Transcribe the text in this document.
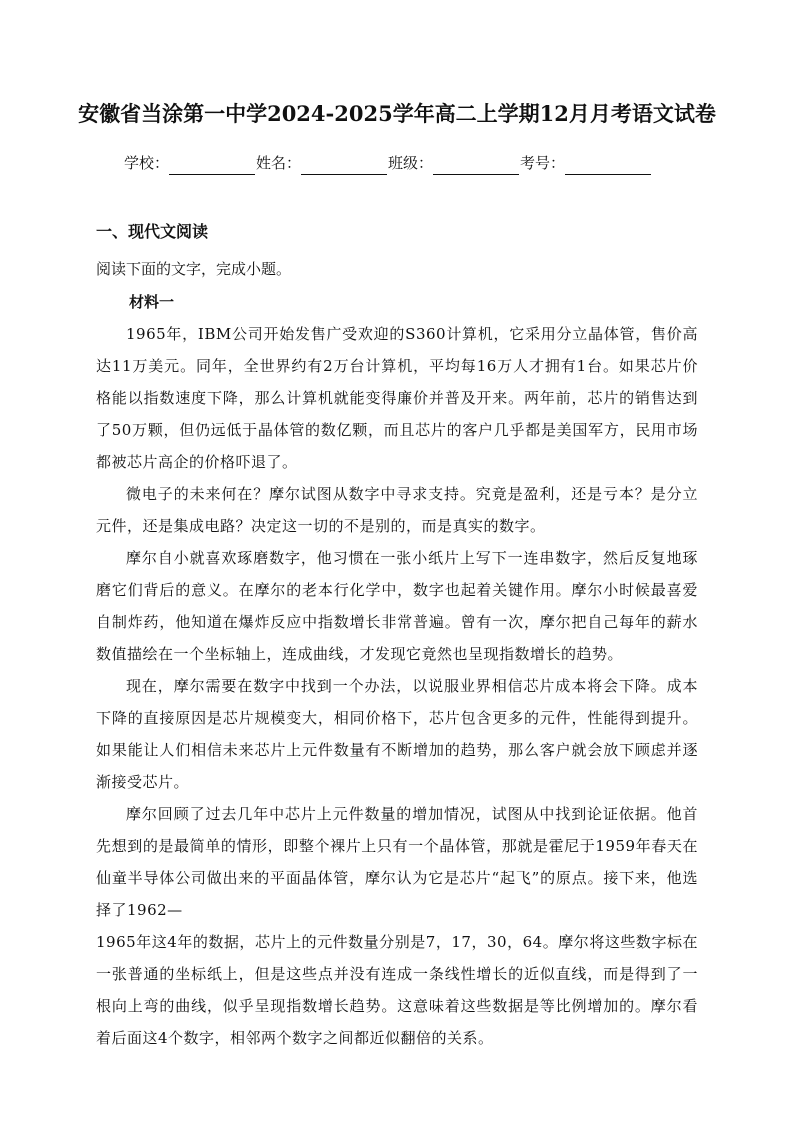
安徽省当涂第一中学2024-2025学年高二上学期12月月考语文试卷
学校：	姓名：	班级：	考号：
一、现代文阅读

阅读下面的文字，完成小题。

材料一

1965年，IBM公司开始发售广受欢迎的S360计算机，它采用分立晶体管，售价高达11万美元。同年，全世界约有2万台计算机，平均每16万人才拥有1台。如果芯片价格能以指数速度下降，那么计算机就能变得廉价并普及开来。两年前，芯片的销售达到了50万颗，但仍远低于晶体管的数亿颗，而且芯片的客户几乎都是美国军方，民用市场都被芯片高企的价格吓退了。

微电子的未来何在？摩尔试图从数字中寻求支持。究竟是盈利，还是亏本？是分立元件，还是集成电路？决定这一切的不是别的，而是真实的数字。

摩尔自小就喜欢琢磨数字，他习惯在一张小纸片上写下一连串数字，然后反复地琢磨它们背后的意义。在摩尔的老本行化学中，数字也起着关键作用。摩尔小时候最喜爱自制炸药，他知道在爆炸反应中指数增长非常普遍。曾有一次，摩尔把自己每年的薪水数值描绘在一个坐标轴上，连成曲线，才发现它竟然也呈现指数增长的趋势。

现在，摩尔需要在数字中找到一个办法，以说服业界相信芯片成本将会下降。成本下降的直接原因是芯片规模变大，相同价格下，芯片包含更多的元件，性能得到提升。如果能让人们相信未来芯片上元件数量有不断增加的趋势，那么客户就会放下顾虑并逐渐接受芯片。

摩尔回顾了过去几年中芯片上元件数量的增加情况，试图从中找到论证依据。他首先想到的是最简单的情形，即整个裸片上只有一个晶体管，那就是霍尼于1959年春天在仙童半导体公司做出来的平面晶体管，摩尔认为它是芯片“起飞”的原点。接下来，他选择了1962—

1965年这4年的数据，芯片上的元件数量分别是7，17，30，64。摩尔将这些数字标在一张普通的坐标纸上，但是这些点并没有连成一条线性增长的近似直线，而是得到了一根向上弯的曲线，似乎呈现指数增长趋势。这意味着这些数据是等比例增加的。摩尔看着后面这4个数字，相邻两个数字之间都近似翻倍的关系。
